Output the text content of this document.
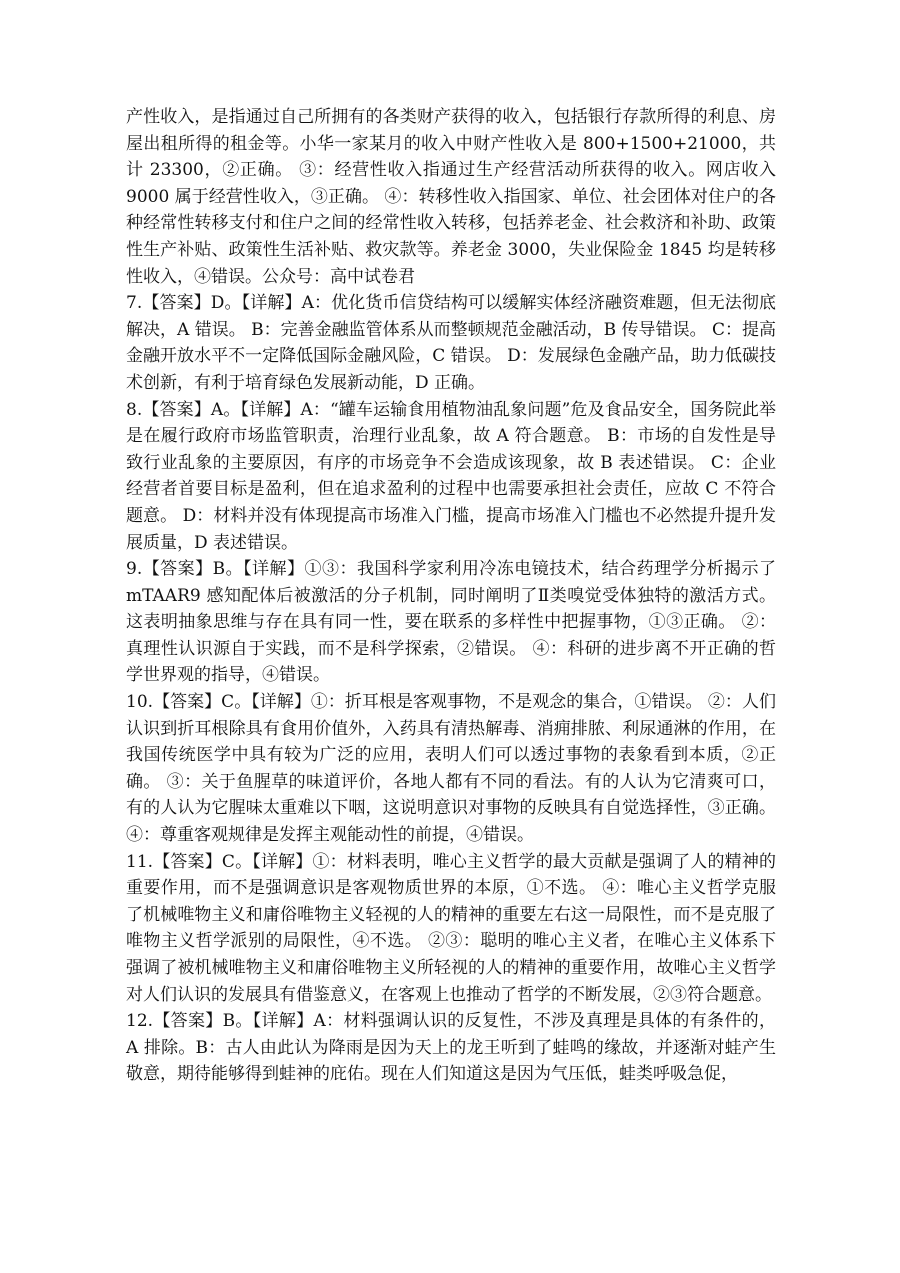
产性收入，是指通过自己所拥有的各类财产获得的收入，包括银行存款所得的利息、房屋出租所得的租金等。小华一家某月的收入中财产性收入是 800+1500+21000，共计 23300，②正确。 ③：经营性收入指通过生产经营活动所获得的收入。网店收入 9000 属于经营性收入，③正确。 ④：转移性收入指国家、单位、社会团体对住户的各种经常性转移支付和住户之间的经常性收入转移，包括养老金、社会救济和补助、政策性生产补贴、政策性生活补贴、救灾款等。养老金 3000，失业保险金 1845 均是转移性收入，④错误。公众号：高中试卷君

7.【答案】D。【详解】A：优化货币信贷结构可以缓解实体经济融资难题，但无法彻底解决，A 错误。 B：完善金融监管体系从而整顿规范金融活动，B 传导错误。 C：提高金融开放水平不一定降低国际金融风险，C 错误。 D：发展绿色金融产品，助力低碳技术创新，有利于培育绿色发展新动能，D 正确。

8.【答案】A。【详解】A：“罐车运输食用植物油乱象问题”危及食品安全，国务院此举是在履行政府市场监管职责，治理行业乱象，故 A 符合题意。 B：市场的自发性是导致行业乱象的主要原因，有序的市场竞争不会造成该现象，故 B 表述错误。 C：企业经营者首要目标是盈利，但在追求盈利的过程中也需要承担社会责任，应故 C 不符合题意。 D：材料并没有体现提高市场准入门槛，提高市场准入门槛也不必然提升提升发展质量，D 表述错误。

9.【答案】B。【详解】①③：我国科学家利用冷冻电镜技术，结合药理学分析揭示了 mTAAR9 感知配体后被激活的分子机制，同时阐明了Ⅱ类嗅觉受体独特的激活方式。这表明抽象思维与存在具有同一性，要在联系的多样性中把握事物，①③正确。 ②：真理性认识源自于实践，而不是科学探索，②错误。 ④：科研的进步离不开正确的哲学世界观的指导，④错误。

10.【答案】C。【详解】①：折耳根是客观事物，不是观念的集合，①错误。 ②：人们认识到折耳根除具有食用价值外，入药具有清热解毒、消痈排脓、利尿通淋的作用，在我国传统医学中具有较为广泛的应用，表明人们可以透过事物的表象看到本质，②正确。 ③：关于鱼腥草的味道评价，各地人都有不同的看法。有的人认为它清爽可口，有的人认为它腥味太重难以下咽，这说明意识对事物的反映具有自觉选择性，③正确。 ④：尊重客观规律是发挥主观能动性的前提，④错误。

11.【答案】C。【详解】①：材料表明，唯心主义哲学的最大贡献是强调了人的精神的重要作用，而不是强调意识是客观物质世界的本原，①不选。 ④：唯心主义哲学克服了机械唯物主义和庸俗唯物主义轻视的人的精神的重要左右这一局限性，而不是克服了唯物主义哲学派别的局限性，④不选。 ②③：聪明的唯心主义者，在唯心主义体系下强调了被机械唯物主义和庸俗唯物主义所轻视的人的精神的重要作用，故唯心主义哲学对人们认识的发展具有借鉴意义，在客观上也推动了哲学的不断发展，②③符合题意。

12.【答案】B。【详解】A：材料强调认识的反复性，不涉及真理是具体的有条件的，A 排除。B：古人由此认为降雨是因为天上的龙王听到了蛙鸣的缘故，并逐渐对蛙产生敬意，期待能够得到蛙神的庇佑。现在人们知道这是因为气压低，蛙类呼吸急促，
